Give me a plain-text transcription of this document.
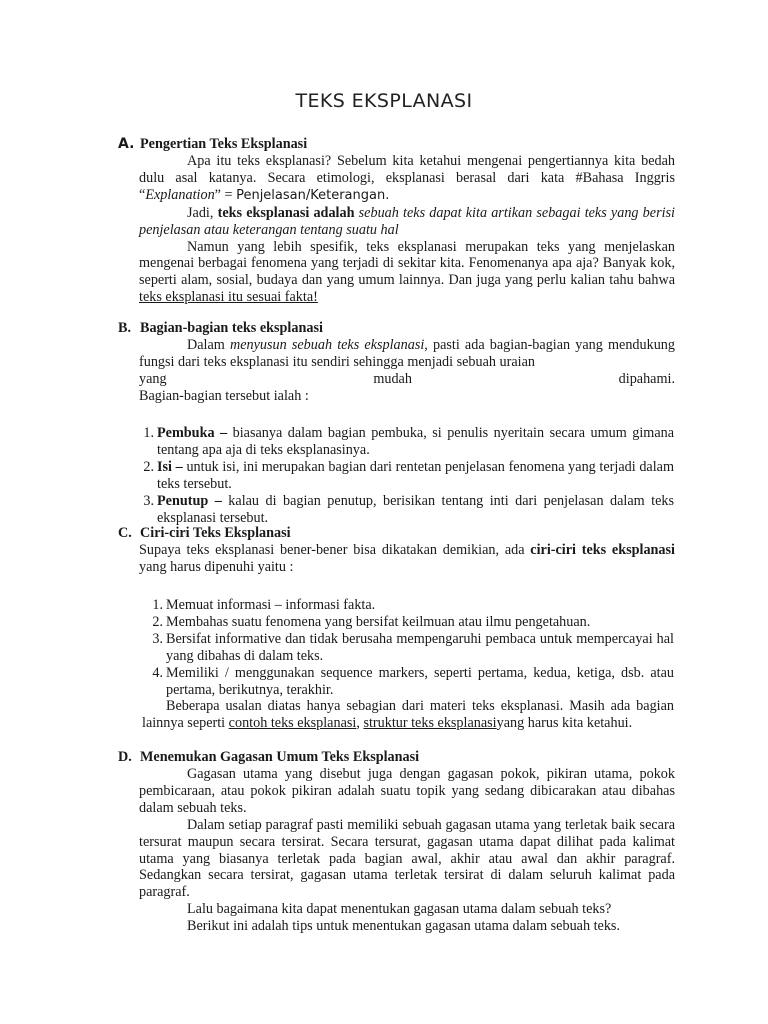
TEKS EKSPLANASI
A. Pengertian Teks Eksplanasi

Apa itu teks eksplanasi? Sebelum kita ketahui mengenai pengertiannya kita bedah dulu asal katanya. Secara etimologi, eksplanasi berasal dari kata #Bahasa Inggris “Explanation” = Penjelasan/Keterangan.

Jadi, teks eksplanasi adalah sebuah teks dapat kita artikan sebagai teks yang berisi penjelasan atau keterangan tentang suatu hal

Namun yang lebih spesifik, teks eksplanasi merupakan teks yang menjelaskan mengenai berbagai fenomena yang terjadi di sekitar kita. Fenomenanya apa aja? Banyak kok, seperti alam, sosial, budaya dan yang umum lainnya. Dan juga yang perlu kalian tahu bahwa teks eksplanasi itu sesuai fakta!

B. Bagian-bagian teks eksplanasi

Dalam menyusun sebuah teks eksplanasi, pasti ada bagian-bagian yang mendukung fungsi dari teks eksplanasi itu sendiri sehingga menjadi sebuah uraian

yang	mudah	dipahami.

Bagian-bagian tersebut ialah :

1. Pembuka – biasanya dalam bagian pembuka, si penulis nyeritain secara umum gimana tentang apa aja di teks eksplanasinya.
2. Isi – untuk isi, ini merupakan bagian dari rentetan penjelasan fenomena yang terjadi dalam teks tersebut.
3. Penutup – kalau di bagian penutup, berisikan tentang inti dari penjelasan dalam teks eksplanasi tersebut.
C. Ciri-ciri Teks Eksplanasi

Supaya teks eksplanasi bener-bener bisa dikatakan demikian, ada ciri-ciri teks eksplanasi yang harus dipenuhi yaitu :

1. Memuat informasi – informasi fakta.
2. Membahas suatu fenomena yang bersifat keilmuan atau ilmu pengetahuan.
3. Bersifat informative dan tidak berusaha mempengaruhi pembaca untuk mempercayai hal yang dibahas di dalam teks.
4. Memiliki / menggunakan sequence markers, seperti pertama, kedua, ketiga, dsb. atau pertama, berikutnya, terakhir.

Beberapa usalan diatas hanya sebagian dari materi teks eksplanasi. Masih ada bagian lainnya seperti contoh teks eksplanasi, struktur teks eksplanasiyang harus kita ketahui.

D. Menemukan Gagasan Umum Teks Eksplanasi

Gagasan utama yang disebut juga dengan gagasan pokok, pikiran utama, pokok pembicaraan, atau pokok pikiran adalah suatu topik yang sedang dibicarakan atau dibahas dalam sebuah teks.

Dalam setiap paragraf pasti memiliki sebuah gagasan utama yang terletak baik secara tersurat maupun secara tersirat. Secara tersurat, gagasan utama dapat dilihat pada kalimat utama yang biasanya terletak pada bagian awal, akhir atau awal dan akhir paragraf. Sedangkan secara tersirat, gagasan utama terletak tersirat di dalam seluruh kalimat pada paragraf.

Lalu bagaimana kita dapat menentukan gagasan utama dalam sebuah teks?

Berikut ini adalah tips untuk menentukan gagasan utama dalam sebuah teks.
